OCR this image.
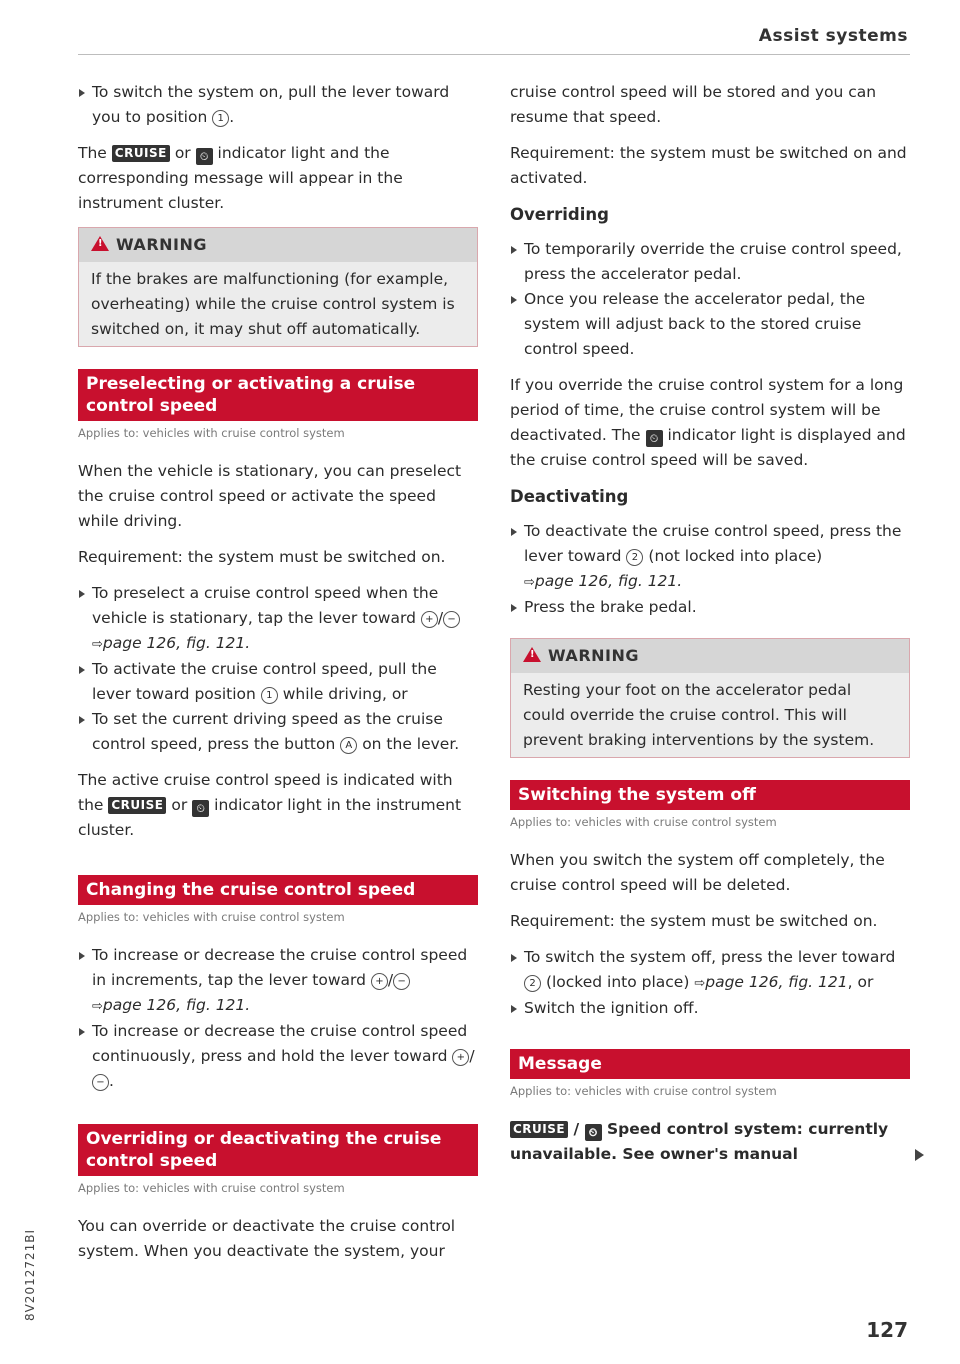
Assist systems
To switch the system on, pull the lever toward you to position 1 .

The CRUISE or ⏲ indicator light and the corresponding message will appear in the instrument cluster.

! WARNING
If the brakes are malfunctioning (for example, overheating) while the cruise control system is switched on, it may shut off automatically.
Preselecting or activating a cruise control speed
Applies to: vehicles with cruise control system

When the vehicle is stationary, you can preselect the cruise control speed or activate the speed while driving.

Requirement: the system must be switched on.

To preselect a cruise control speed when the vehicle is stationary, tap the lever toward + / −
⇨page 126, fig. 121.
To activate the cruise control speed, pull the lever toward position 1 while driving, or
To set the current driving speed as the cruise control speed, press the button A on the lever.

The active cruise control speed is indicated with the CRUISE or ⏲ indicator light in the instrument cluster.

Changing the cruise control speed
Applies to: vehicles with cruise control system
To increase or decrease the cruise control speed in increments, tap the lever toward + / −
⇨page 126, fig. 121.
To increase or decrease the cruise control speed continuously, press and hold the lever toward + /− .
Overriding or deactivating the cruise control speed
Applies to: vehicles with cruise control system

You can override or deactivate the cruise control system. When you deactivate the system, your

cruise control speed will be stored and you can resume that speed.

Requirement: the system must be switched on and activated.

Overriding
To temporarily override the cruise control speed, press the accelerator pedal.
Once you release the accelerator pedal, the system will adjust back to the stored cruise control speed.

If you override the cruise control system for a long period of time, the cruise control system will be deactivated. The ⏲ indicator light is displayed and the cruise control speed will be saved.

Deactivating
To deactivate the cruise control speed, press the lever toward 2 (not locked into place)
⇨page 126, fig. 121.
Press the brake pedal.
! WARNING
Resting your foot on the accelerator pedal could override the cruise control. This will prevent braking interventions by the system.
Switching the system off
Applies to: vehicles with cruise control system

When you switch the system off completely, the cruise control speed will be deleted.

Requirement: the system must be switched on.

To switch the system off, press the lever toward
2 (locked into place) ⇨page 126, fig. 121, or
Switch the ignition off.
Message
Applies to: vehicles with cruise control system
CRUISE / ⏲ Speed control system: currently unavailable. See owner's manual
8V2012721BI
127
